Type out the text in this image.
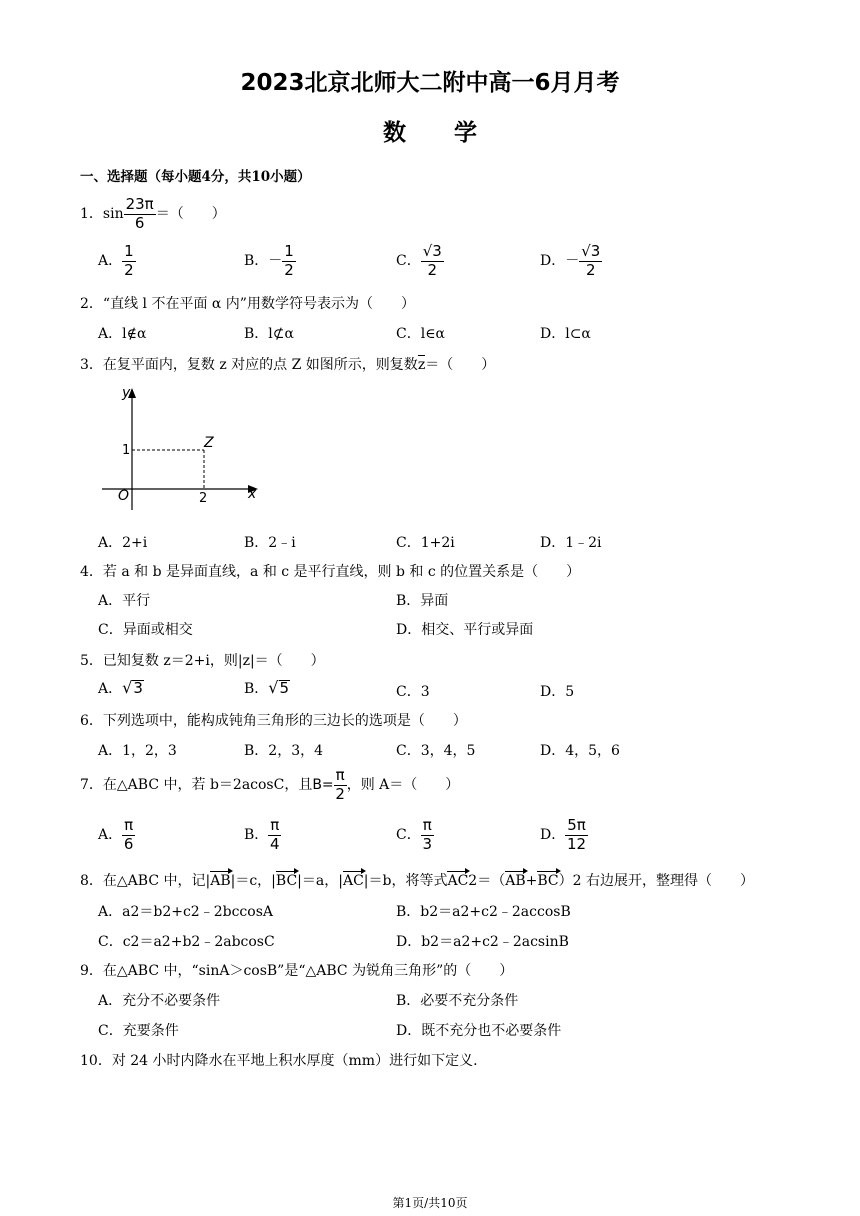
2023北京北师大二附中高一6月月考
数学
一、选择题（每小题4分，共10小题）
1．$\sin \frac{23\pi}{6}$ ＝（　　）
A． $\frac{1}{2}$	B．－ $\frac{1}{2}$	C． $\frac{√3}{2}$	D．－ $\frac{√3}{2}$
2．“直线 l 不在平面 α 内”用数学符号表示为（　　）
A．l∉α	B．l⊄α	C．l∈α	D．l⊂α
3．在复平面内，复数 z 对应的点 Z 如图所示，则复数z＝（　　）
y
x
O
1
2
Z
A．2+i	B．2﹣i	C．1+2i	D．1﹣2i
4．若 a 和 b 是异面直线，a 和 c 是平行直线，则 b 和 c 的位置关系是（　　）
A．平行	B．异面
C．异面或相交	D．相交、平行或异面
5．已知复数 z＝2+i，则|z|＝（　　）
A． √ 3	B． √ 5	C．3	D．5
6．下列选项中，能构成钝角三角形的三边长的选项是（　　）
A．1，2，3	B．2，3，4	C．3，4，5	D．4，5，6
7．在△ABC 中，若 b＝2acosC，且 $B= \frac{\pi}{2}$ ，则 A＝（　　）
A． $\frac{\pi}{6}$	B． $\frac{\pi}{4}$	C． $\frac{\pi}{3}$	D． $\frac{5\pi}{12}$
8．在△ABC 中，记|AB|＝c，|BC|＝a，|AC|＝b，将等式AC2＝（AB+BC）2 右边展开，整理得（　　）
A．a2＝b2+c2﹣2bccosA	B．b2＝a2+c2﹣2accosB
C．c2＝a2+b2﹣2abcosC	D．b2＝a2+c2﹣2acsinB
9．在△ABC 中，“sinA＞cosB”是“△ABC 为锐角三角形”的（　　）
A．充分不必要条件	B．必要不充分条件
C．充要条件	D．既不充分也不必要条件
10．对 24 小时内降水在平地上积水厚度（mm）进行如下定义.
第1页/共10页
